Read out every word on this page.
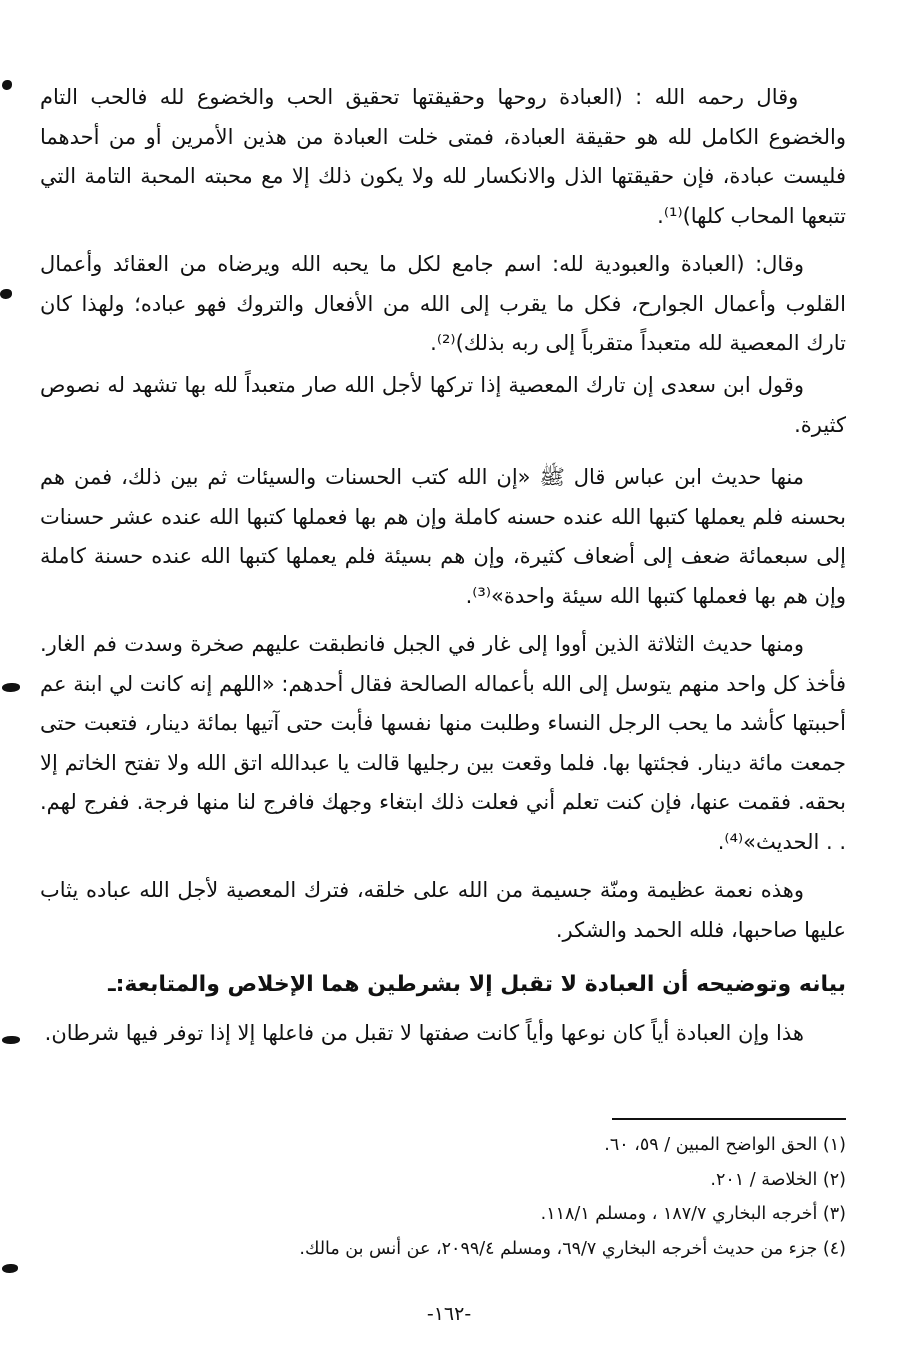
وقال رحمه الله : (العبادة روحها وحقيقتها تحقيق الحب والخضوع لله فالحب التام والخضوع الكامل لله هو حقيقة العبادة، فمتى خلت العبادة من هذين الأمرين أو من أحدهما فليست عبادة، فإن حقيقتها الذل والانكسار لله ولا يكون ذلك إلا مع محبته المحبة التامة التي تتبعها المحاب كلها)⁽¹⁾.

وقال: (العبادة والعبودية لله: اسم جامع لكل ما يحبه الله ويرضاه من العقائد وأعمال القلوب وأعمال الجوارح، فكل ما يقرب إلى الله من الأفعال والتروك فهو عباده؛ ولهذا كان تارك المعصية لله متعبداً متقرباً إلى ربه بذلك)⁽²⁾.

وقول ابن سعدى إن تارك المعصية إذا تركها لأجل الله صار متعبداً لله بها تشهد له نصوص كثيرة.

منها حديث ابن عباس قال ﷺ «إن الله كتب الحسنات والسيئات ثم بين ذلك، فمن هم بحسنه فلم يعملها كتبها الله عنده حسنه كاملة وإن هم بها فعملها كتبها الله عنده عشر حسنات إلى سبعمائة ضعف إلى أضعاف كثيرة، وإن هم بسيئة فلم يعملها كتبها الله عنده حسنة كاملة وإن هم بها فعملها كتبها الله سيئة واحدة»⁽³⁾.

ومنها حديث الثلاثة الذين أووا إلى غار في الجبل فانطبقت عليهم صخرة وسدت فم الغار. فأخذ كل واحد منهم يتوسل إلى الله بأعماله الصالحة فقال أحدهم: «اللهم إنه كانت لي ابنة عم أحببتها كأشد ما يحب الرجل النساء وطلبت منها نفسها فأبت حتى آتيها بمائة دينار، فتعبت حتى جمعت مائة دينار. فجئتها بها. فلما وقعت بين رجليها قالت يا عبدالله اتق الله ولا تفتح الخاتم إلا بحقه. فقمت عنها، فإن كنت تعلم أني فعلت ذلك ابتغاء وجهك فافرج لنا منها فرجة. ففرج لهم. . . الحديث»⁽⁴⁾.

وهذه نعمة عظيمة ومنّة جسيمة من الله على خلقه، فترك المعصية لأجل الله عباده يثاب عليها صاحبها، فلله الحمد والشكر.

بيانه وتوضيحه أن العبادة لا تقبل إلا بشرطين هما الإخلاص والمتابعة:ـ

هذا وإن العبادة أياً كان نوعها وأياً كانت صفتها لا تقبل من فاعلها إلا إذا توفر فيها شرطان.

(١) الحق الواضح المبين / ٥٩، ٦٠.

(٢) الخلاصة / ٢٠١.

(٣) أخرجه البخاري ١٨٧/٧ ، ومسلم ١١٨/١.

(٤) جزء من حديث أخرجه البخاري ٦٩/٧، ومسلم ٢٠٩٩/٤، عن أنس بن مالك.

-١٦٢-
